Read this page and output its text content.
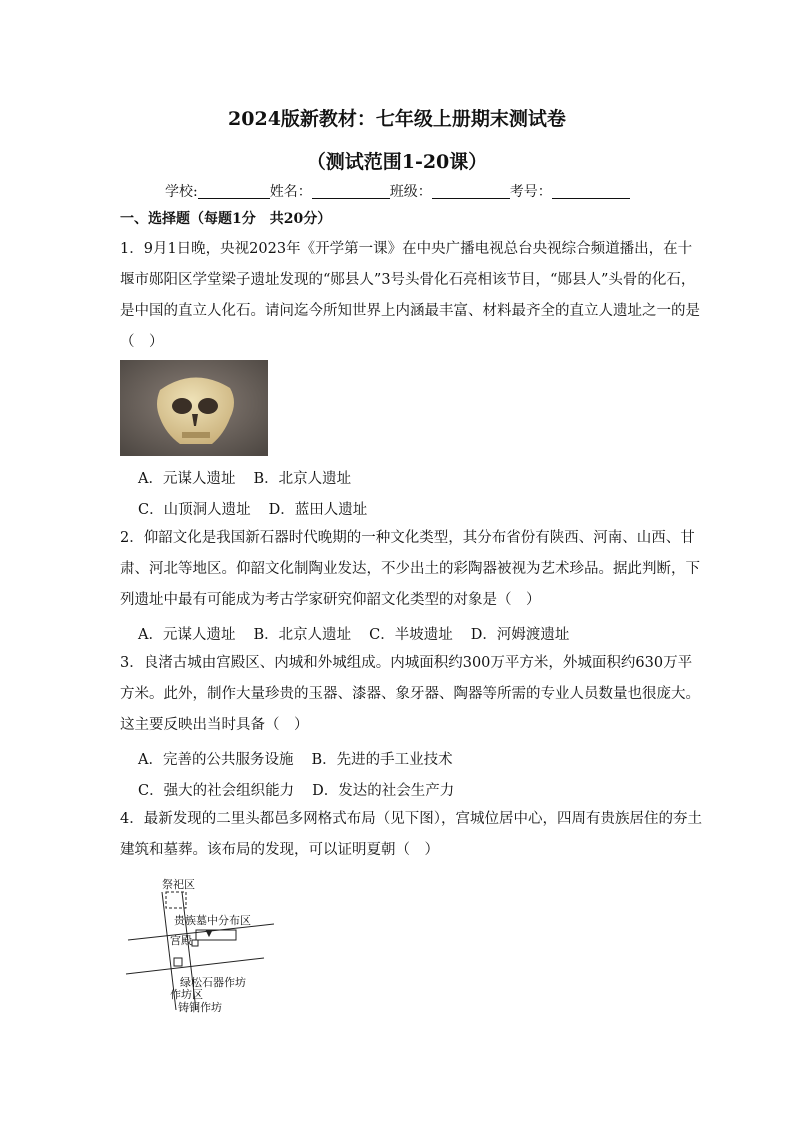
2024版新教材：七年级上册期末测试卷
（测试范围1-20课）
学校:	姓名：	班级：	考号：
一、选择题（每题1分　共20分）
1．9月1日晚，央视2023年《开学第一课》在中央广播电视总台央视综合频道播出，在十
堰市郧阳区学堂梁子遗址发现的“郧县人”3号头骨化石亮相该节目，“郧县人”头骨的化石，
是中国的直立人化石。请问迄今所知世界上内涵最丰富、材料最齐全的直立人遗址之一的是
（　）
A．元谋人遗址 B．北京人遗址
C．山顶洞人遗址 D．蓝田人遗址
2．仰韶文化是我国新石器时代晚期的一种文化类型，其分布省份有陕西、河南、山西、甘
肃、河北等地区。仰韶文化制陶业发达，不少出土的彩陶器被视为艺术珍品。据此判断，下
列遗址中最有可能成为考古学家研究仰韶文化类型的对象是（　）
A．元谋人遗址 B．北京人遗址 C．半坡遗址 D．河姆渡遗址
3．良渚古城由宫殿区、内城和外城组成。内城面积约300万平方米，外城面积约630万平
方米。此外，制作大量珍贵的玉器、漆器、象牙器、陶器等所需的专业人员数量也很庞大。
这主要反映出当时具备（　）
A．完善的公共服务设施 B．先进的手工业技术
C．强大的社会组织能力 D．发达的社会生产力
4．最新发现的二里头都邑多网格式布局（见下图），宫城位居中心，四周有贵族居住的夯土
建筑和墓葬。该布局的发现，可以证明夏朝（　）
祭祀区
贵族墓中分布区
宫殿
绿松石器作坊
作坊区
铸铜作坊
